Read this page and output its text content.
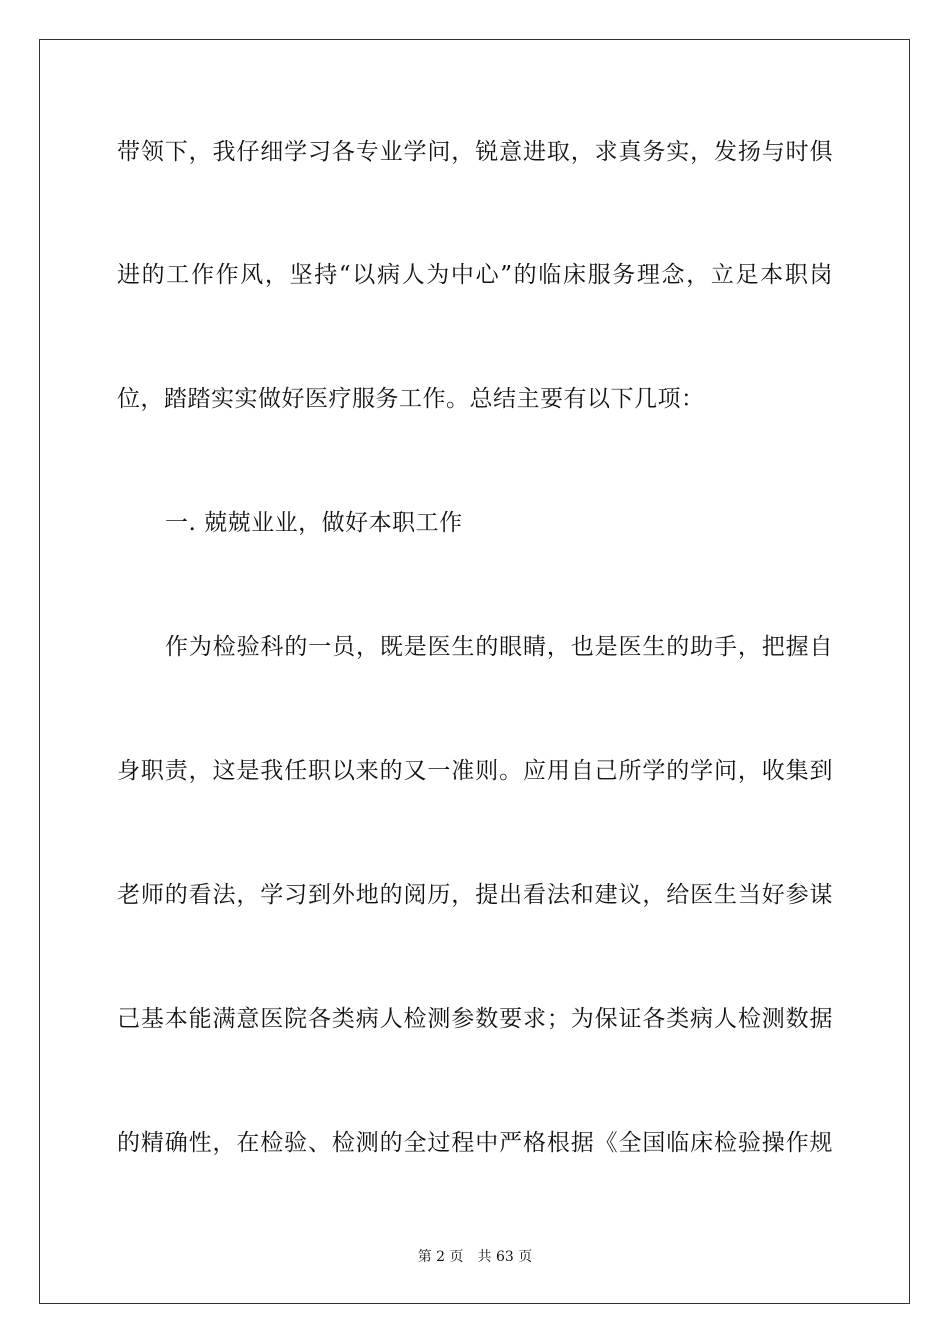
带领下，我仔细学习各专业学问，锐意进取，求真务实，发扬与时俱
进的工作作风，坚持“以病人为中心”的临床服务理念，立足本职岗
位，踏踏实实做好医疗服务工作。总结主要有以下几项：
一. 兢兢业业，做好本职工作
作为检验科的一员，既是医生的眼睛，也是医生的助手，把握自
身职责，这是我任职以来的又一准则。应用自己所学的学问，收集到
老师的看法，学习到外地的阅历，提出看法和建议，给医生当好参谋
己基本能满意医院各类病人检测参数要求；为保证各类病人检测数据
的精确性，在检验、检测的全过程中严格根据《全国临床检验操作规
第 2 页 共 63 页
